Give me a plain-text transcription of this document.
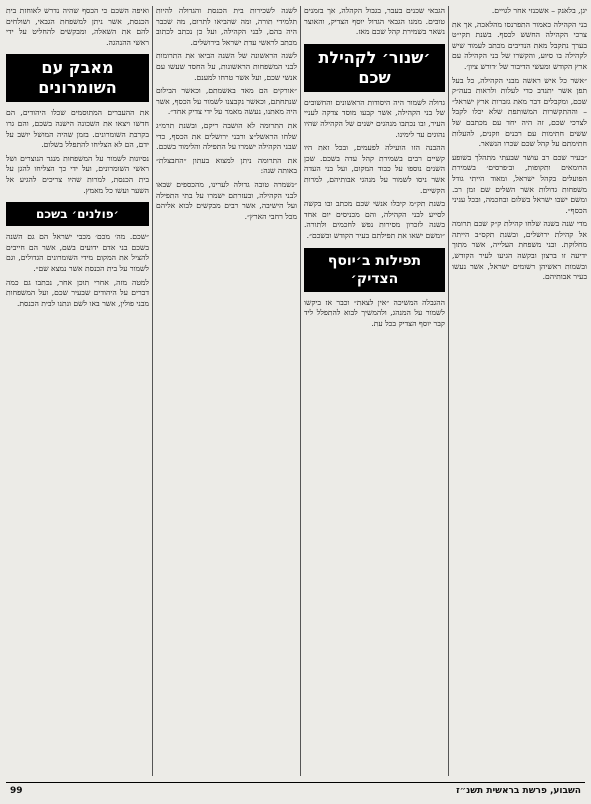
יגן, בלאנק – אשכנזי אחר לגויים.

בני הקהילה כאמור התפרנסו מהלאכה, אך את צרכי הקהילה החשש לכסף. בשנת תקי״ט בערך נתקבל מאת הנדיבים מכתב לעמוד שיש לקהילה בו סיוע, והקשרו של בני הקהילה עם ארץ הקודש ומעשי הדיבור של ׳דורש ציון׳.

״אשר כל איש ראשה מבני הקהילה, כל בעל תפן אשר יתנדב כדי לעלות ולראות בעה״ק שכם, ומקבלים דבר מאת גזברות ארץ ישראל״ – וההתקשרות המשותפת שלא יכלו לקבל לצרכי שכם, זה היה יחד עם מכתבם של ששים חתימות עם רבנים וזקנים, להעלות חתימתם על קהל שכם שכרו הנשאר.

״בעיר שכם רב עושר שבעתי מתהלך בשופע הרומאים ותקופות, וב׳פרסים׳ בשמירת הפועלים בקהל ישראל, ומאוד הייתי גודל משפחות גדולות אשר השלים שם זמן רב. ומשם ישבו ישראל בשלום ובחכמה, ובכל עניני הכסף״.

מדי שנה בשנה שלחו קהילת ק״ק שכם תרומה אל קהילת ירושלים, ובשנת תקס״ב הייתה מחלוקת. ובני משפחת העלייה, אשר מתוך ידיעה זו ברצון ובקשה הגיעו לעיר הקודש, ובשמות ראשיהן רשומים ישראל, אשר נעשו בעיר אבותיהם.

הגבאי שכנים בעבר, בגבול הקהלה, אך בזמנים טובים. ממנו הגבאי הגדול יוסף הצדיק, והאוצר נשאר בשמירת קהל שכם מאז.

׳שנור׳ לקהילת שכם

גדולה לשמור היה היסודות הראשונים והחשובים של בני הקהילה, אשר קבעו מוסד צדקה לעניי העיר, ובו נכתבו מנהגים ישנים של הקהילה שהיו נהוגים עד לימינו.

ההבנה הזו הועילה לפעמים, ובכל זאת היו קשיים רבים בשמירת קהל עדה בשכם. שכן השנים נוספו על כבוד המקום, ועל בני העדה אשר ניסו לשמור על מנהגי אבותיהם, למרות הקשיים.

בשנת תק״מ קיבלו אנשי שכם מכתב ובו בקשה לסייע לבני הקהילה, והם מכניסים יום אחד בשנה לזכרון מסירות נפש לחכמים ולתורה. ״ומשם ישאו את תפילתם בעיר הקודש ובשכם״.

תפילות ב׳יוסף הצדיק׳

ההגבלה המשיכה ״אין לצאת״ וכבר אז ביקשו לשמור על המנהג, ולהמשיך לבוא להתפלל ליד קבר יוסף הצדיק בכל עת.

לשנה לשכירות בית הכנסת והגדולה להיות תלמידי תורה, ומה שהביאו לתרום, מה שכבר היה בהם, לבני הקהילה, ועל כן נכתב לכתוב מכתב לראשי עדת ישראל בירושלים.

לשנה הראשונה של השנה הביאו את התרומות לבני המשפחות הראשונות, על החסד שעשו עם אנשי שכם, ועל אשר טרחו למענם.

״אורקים הם מאד באשמתם, וכאשר הבילום שנתחתם, וכאשר נקבצנו לשמור על הכסף, אשר היה מאתנו, נעשה מאמר על ידי צדיק אחד״.

את התרומה לא הושבה ריקם, ובשנת תרמ״ג שלחו הראשל״צ ורבני ירושלים את הכסף, כדי שבני הקהילה ישמרו על התפילה והלימוד בשכם.

את התרומה ניתן למצוא בעתון ״החבצלת״ באותה שנה:

״נשמרה טובה גדולה לערינו, מהכספים שבאו לבני הקהילה, ובעזרתם ישמרו על בתי התפילה ועל הישיבה, אשר רבים מבקשים לבוא אליהם מכל רחבי הארץ״.

ואיפה השכם כי הכסף שהיה נדרש לאוחזת בית הכנסת, אשר ניתן למשפחת הגבאי, ושולחים להם את השאלה, ומבקשים להחליט על ידי ראשי ההנהגה.

מאבק עם השומרונים

את ההעברים המתוסמים שכלו היהודים, הם חדשו ויצאו את השכונה הישנה בשכם, והם גרו בקרבת השומרונים. בזמן שהיה המושל יושב על ידם, הם לא הצליחו להתפלל בשלום.

נסיונות לשמור על המשפחות מנגד הנוצרים ושל ראשי השומרונים, ועל ידי כך הצליחו להגן על בית הכנסת, למרות שהיו צריכים להגיע אל השער ועשו כל מאמץ.

׳פולנים׳ בשכם

״שכם. מה׳ מכם׳ מכבי ישראל הם גם השנה בשכם בני אדם ידועים בשם, אשר הם חייבים להציל את המקום מידי השומרונים הגדולים, וגם לשמור על בית הכנסת אשר נמצא שם״.

למטה מזה, אחרי תוכן אחר, נכתבו גם כמה דברים על היהודים שבעיר שכם, ועל המשפחות מבני פולין, אשר באו לשם ונתנו לבית הכנסת.

השבוע, פרשת בראשית תשנ״ז
99
